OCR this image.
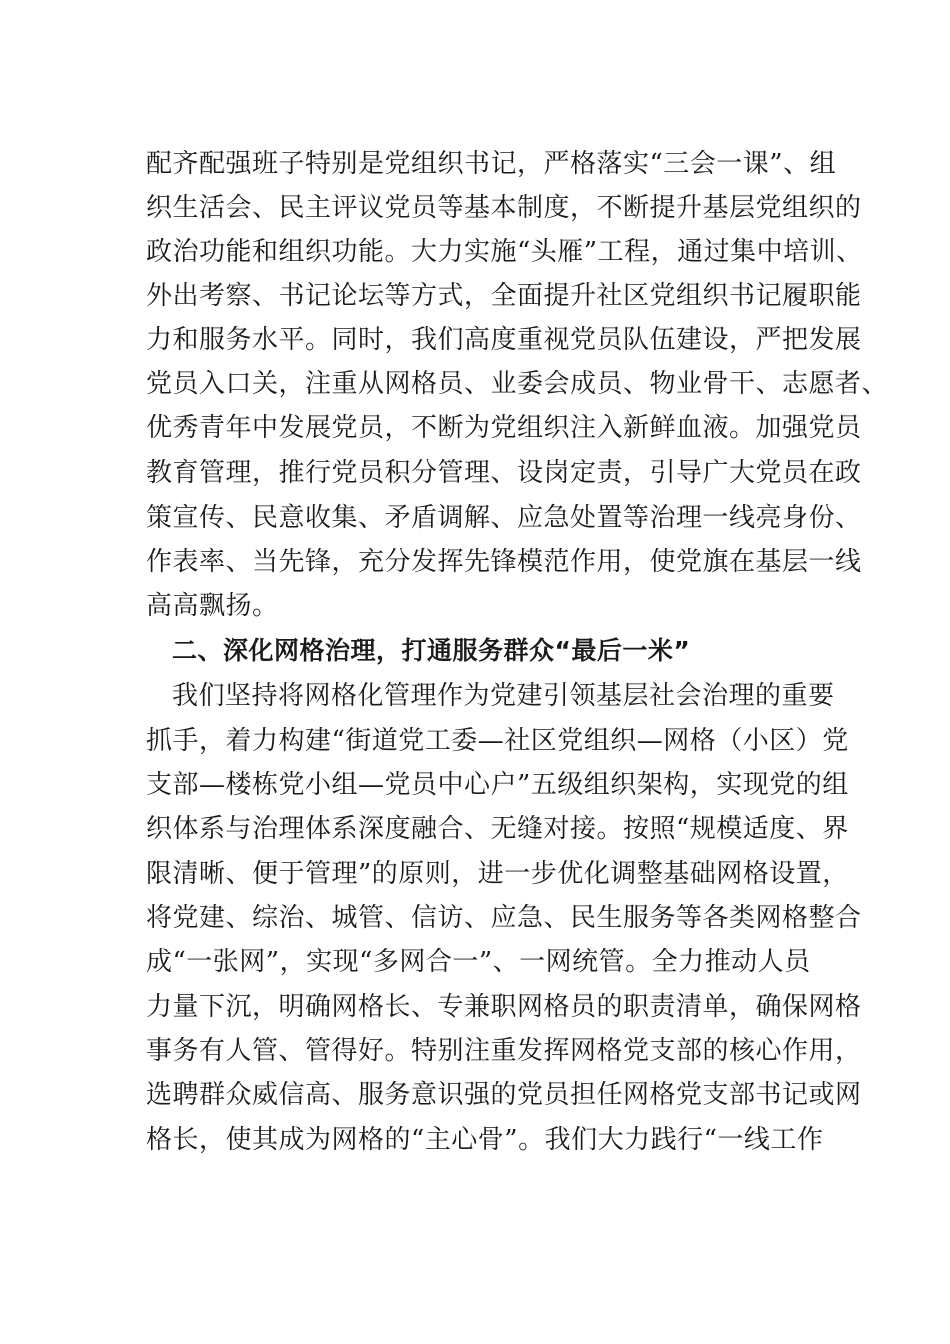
配齐配强班子特别是党组织书记，严格落实“三会一课”、组
织生活会、民主评议党员等基本制度，不断提升基层党组织的
政治功能和组织功能。大力实施“头雁”工程，通过集中培训、
外出考察、书记论坛等方式，全面提升社区党组织书记履职能
力和服务水平。同时，我们高度重视党员队伍建设，严把发展
党员入口关，注重从网格员、业委会成员、物业骨干、志愿者、
优秀青年中发展党员，不断为党组织注入新鲜血液。加强党员
教育管理，推行党员积分管理、设岗定责，引导广大党员在政
策宣传、民意收集、矛盾调解、应急处置等治理一线亮身份、
作表率、当先锋，充分发挥先锋模范作用，使党旗在基层一线
高高飘扬。
二、深化网格治理，打通服务群众“最后一米”
我们坚持将网格化管理作为党建引领基层社会治理的重要
抓手，着力构建“街道党工委—社区党组织—网格（小区）党
支部—楼栋党小组—党员中心户”五级组织架构，实现党的组
织体系与治理体系深度融合、无缝对接。按照“规模适度、界
限清晰、便于管理”的原则，进一步优化调整基础网格设置，
将党建、综治、城管、信访、应急、民生服务等各类网格整合
成“一张网”，实现“多网合一”、一网统管。全力推动人员
力量下沉，明确网格长、专兼职网格员的职责清单，确保网格
事务有人管、管得好。特别注重发挥网格党支部的核心作用，
选聘群众威信高、服务意识强的党员担任网格党支部书记或网
格长，使其成为网格的“主心骨”。我们大力践行“一线工作
